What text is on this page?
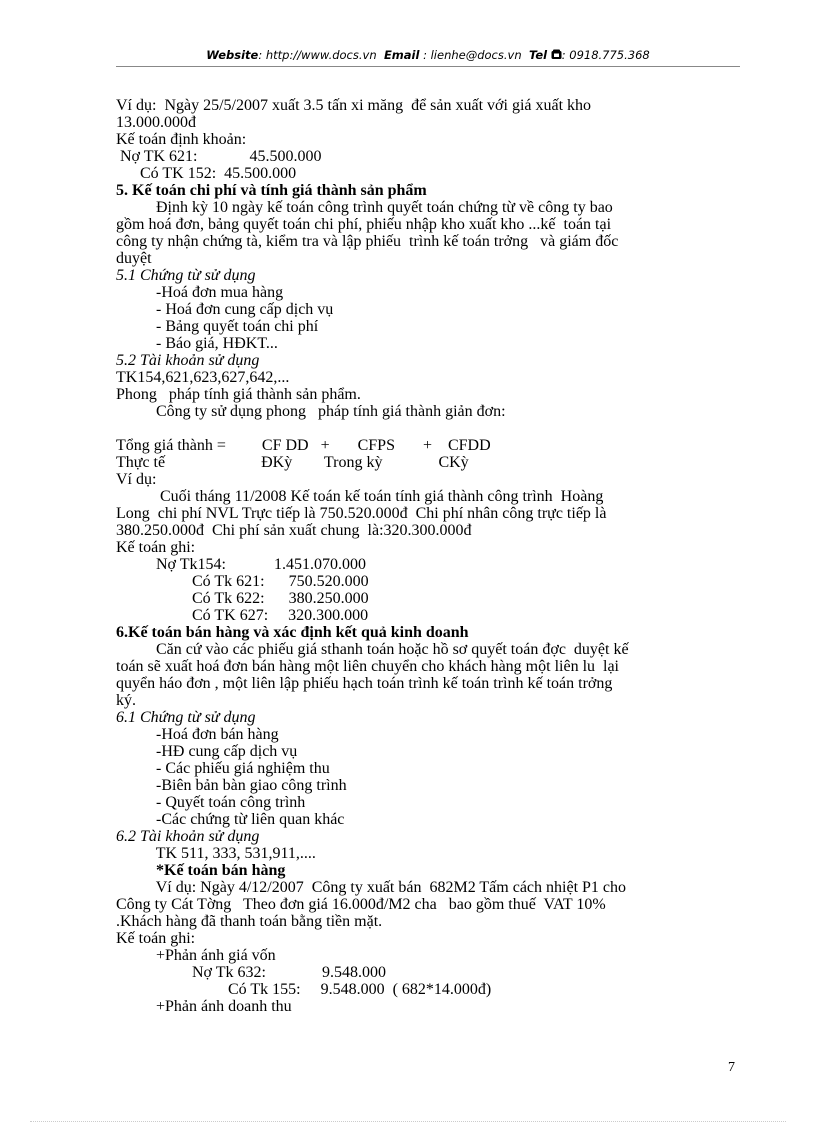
Website: http://www.docs.vn Email : lienhe@docs.vn Tel : 0918.775.368
Ví dụ:  Ngày 25/5/2007 xuất 3.5 tấn xi măng  để sản xuất với giá xuất kho
13.000.000đ
Kế toán định khoản:
Nợ TK 621:             45.500.000
Có TK 152:  45.500.000
5. Kế toán chi phí và tính giá thành sản phẩm
Định kỳ 10 ngày kế toán công trình quyết toán chứng từ về công ty bao
gồm hoá đơn, bảng quyết toán chi phí, phiếu nhập kho xuất kho ...kế  toán tại
công ty nhận chứng tà, kiểm tra và lập phiếu  trình kế toán trởng   và giám đốc
duyệt
5.1 Chứng từ sử dụng
-Hoá đơn mua hàng
- Hoá đơn cung cấp dịch vụ
- Bảng quyết toán chi phí
- Báo giá, HĐKT...
5.2 Tài khoản sử dụng
TK154,621,623,627,642,...
Phong   pháp tính giá thành sản phẩm.
Công ty sử dụng phong   pháp tính giá thành giản đơn:
Tổng giá thành =         CF DD   +       CFPS       +    CFDD
Thực tế                        ĐKỳ        Trong kỳ              CKỳ
Ví dụ:
Cuối tháng 11/2008 Kế toán kế toán tính giá thành công trình  Hoàng
Long  chi phí NVL Trực tiếp là 750.520.000đ  Chi phí nhân công trực tiếp là
380.250.000đ  Chi phí sản xuất chung  là:320.300.000đ
Kế toán ghi:
Nợ Tk154:            1.451.070.000
Có Tk 621:      750.520.000
Có Tk 622:      380.250.000
Có TK 627:     320.300.000
6.Kế toán bán hàng và xác định kết quả kinh doanh
Căn cứ vào các phiếu giá sthanh toán hoặc hồ sơ quyết toán đợc  duyệt kế
toán sẽ xuất hoá đơn bán hàng một liên chuyển cho khách hàng một liên lu  lại
quyển háo đơn , một liên lập phiếu hạch toán trình kế toán trình kế toán trởng
ký.
6.1 Chứng từ sử dụng
-Hoá đơn bán hàng
-HĐ cung cấp dịch vụ
- Các phiếu giá nghiệm thu
-Biên bản bàn giao công trình
- Quyết toán công trình
-Các chứng từ liên quan khác
6.2 Tài khoản sử dụng
TK 511, 333, 531,911,....
*Kế toán bán hàng
Ví dụ: Ngày 4/12/2007  Công ty xuất bán  682M2 Tấm cách nhiệt P1 cho
Công ty Cát Tờng   Theo đơn giá 16.000đ/M2 cha   bao gồm thuế  VAT 10%
.Khách hàng đã thanh toán bằng tiền mặt.
Kế toán ghi:
+Phản ánh giá vốn
Nợ Tk 632:              9.548.000
Có Tk 155:     9.548.000  ( 682*14.000đ)
+Phản ánh doanh thu
7
